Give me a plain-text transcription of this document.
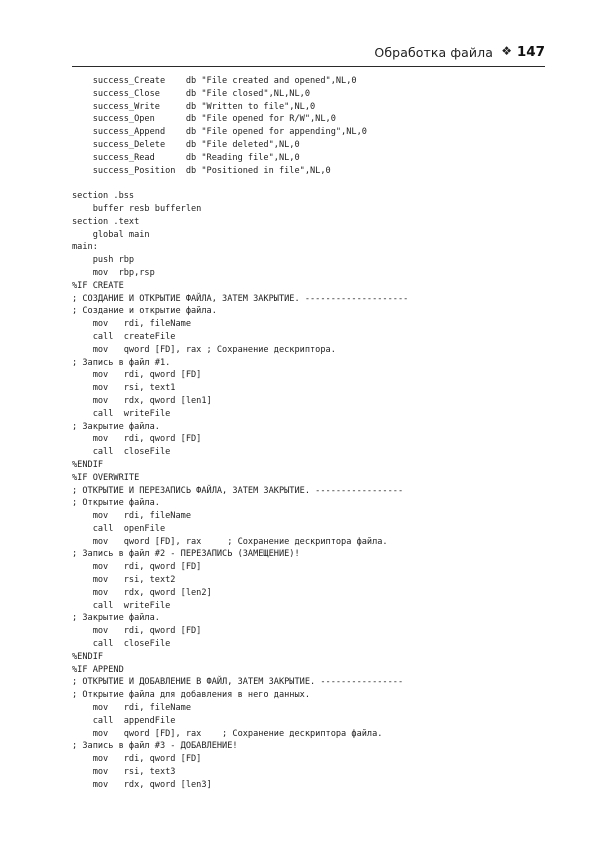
Обработка файла ❖ 147
success_Create    db "File created and opened",NL,0
success_Close     db "File closed",NL,NL,0
success_Write     db "Written to file",NL,0
success_Open      db "File opened for R/W",NL,0
success_Append    db "File opened for appending",NL,0
success_Delete    db "File deleted",NL,0
success_Read      db "Reading file",NL,0
success_Position  db "Positioned in file",NL,0
section .bss
buffer resb bufferlen
section .text
global main
main:
push rbp
mov  rbp,rsp
%IF CREATE
; СОЗДАНИЕ И ОТКРЫТИЕ ФАЙЛА, ЗАТЕМ ЗАКРЫТИЕ. --------------------
; Создание и открытие файла.
mov   rdi, fileName
call  createFile
mov   qword [FD], rax ; Сохранение дескриптора.
; Запись в файл #1.
mov   rdi, qword [FD]
mov   rsi, text1
mov   rdx, qword [len1]
call  writeFile
; Закрытие файла.
mov   rdi, qword [FD]
call  closeFile
%ENDIF
%IF OVERWRITE
; ОТКРЫТИЕ И ПЕРЕЗАПИСЬ ФАЙЛА, ЗАТЕМ ЗАКРЫТИЕ. -----------------
; Открытие файла.
mov   rdi, fileName
call  openFile
mov   qword [FD], rax     ; Сохранение дескриптора файла.
; Запись в файл #2 - ПЕРЕЗАПИСЬ (ЗАМЕЩЕНИЕ)!
mov   rdi, qword [FD]
mov   rsi, text2
mov   rdx, qword [len2]
call  writeFile
; Закрытие файла.
mov   rdi, qword [FD]
call  closeFile
%ENDIF
%IF APPEND
; ОТКРЫТИЕ И ДОБАВЛЕНИЕ В ФАЙЛ, ЗАТЕМ ЗАКРЫТИЕ. ----------------
; Открытие файла для добавления в него данных.
mov   rdi, fileName
call  appendFile
mov   qword [FD], rax    ; Сохранение дескриптора файла.
; Запись в файл #3 - ДОБАВЛЕНИЕ!
mov   rdi, qword [FD]
mov   rsi, text3
mov   rdx, qword [len3]
